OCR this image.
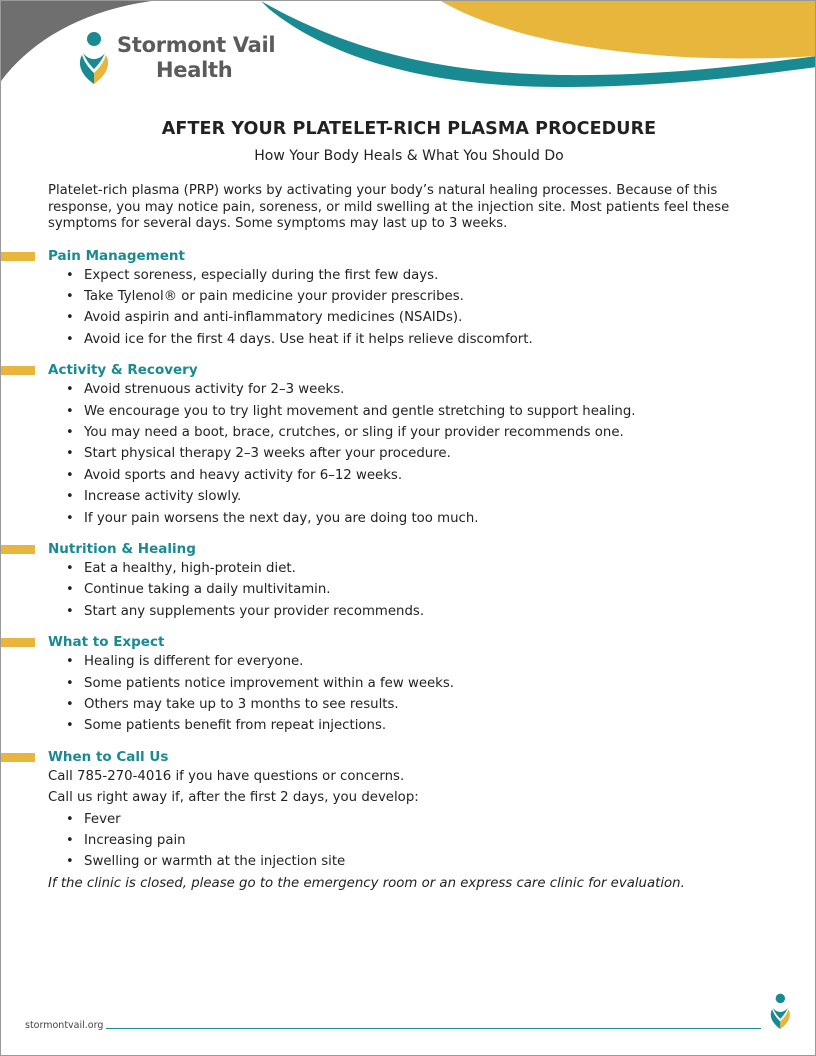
Stormont Vail
Health
AFTER YOUR PLATELET-RICH PLASMA PROCEDURE
How Your Body Heals & What You Should Do

Platelet-rich plasma (PRP) works by activating your body’s natural healing processes. Because of this response, you may notice pain, soreness, or mild swelling at the injection site. Most patients feel these symptoms for several days. Some symptoms may last up to 3 weeks.

Pain Management
• Expect soreness, especially during the first few days.
• Take Tylenol® or pain medicine your provider prescribes.
• Avoid aspirin and anti-inflammatory medicines (NSAIDs).
• Avoid ice for the first 4 days. Use heat if it helps relieve discomfort.
Activity & Recovery
• Avoid strenuous activity for 2–3 weeks.
• We encourage you to try light movement and gentle stretching to support healing.
• You may need a boot, brace, crutches, or sling if your provider recommends one.
• Start physical therapy 2–3 weeks after your procedure.
• Avoid sports and heavy activity for 6–12 weeks.
• Increase activity slowly.
• If your pain worsens the next day, you are doing too much.
Nutrition & Healing
• Eat a healthy, high-protein diet.
• Continue taking a daily multivitamin.
• Start any supplements your provider recommends.
What to Expect
• Healing is different for everyone.
• Some patients notice improvement within a few weeks.
• Others may take up to 3 months to see results.
• Some patients benefit from repeat injections.
When to Call Us

Call 785-270-4016 if you have questions or concerns.

Call us right away if, after the first 2 days, you develop:

• Fever
• Increasing pain
• Swelling or warmth at the injection site

If the clinic is closed, please go to the emergency room or an express care clinic for evaluation.

stormontvail.org
